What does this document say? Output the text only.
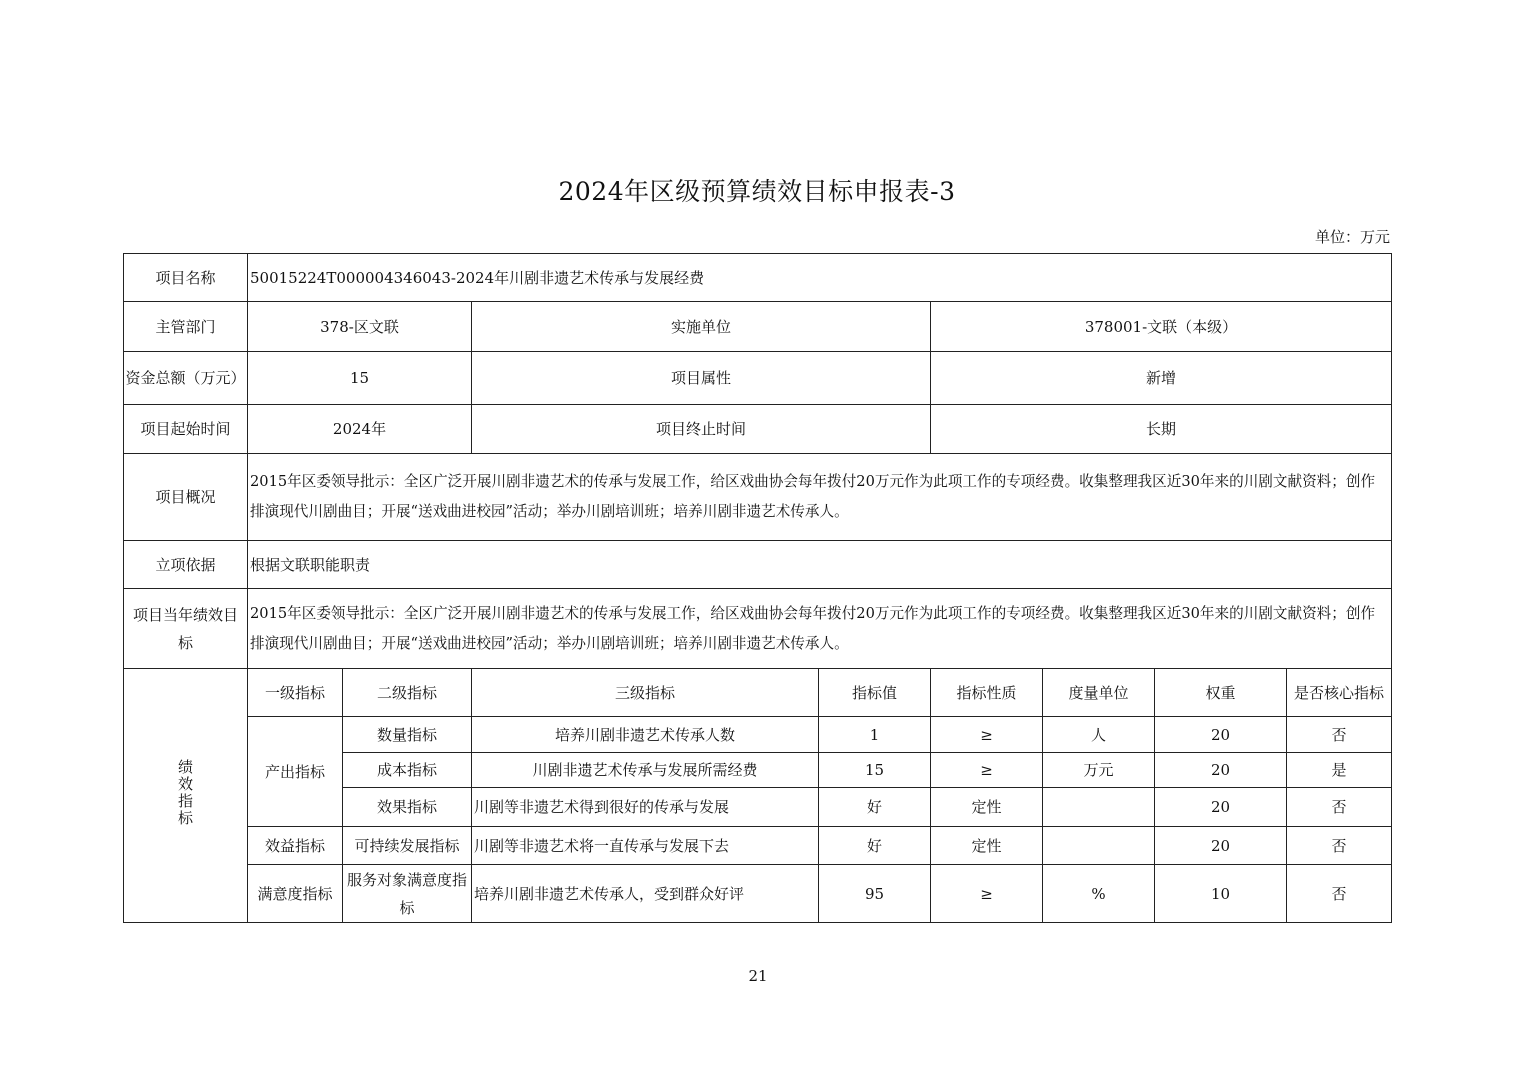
2024年区级预算绩效目标申报表-3
单位：万元
项目名称	50015224T000004346043-2024年川剧非遗艺术传承与发展经费							
主管部门	378-区文联		实施单位		378001-文联（本级）			
资金总额（万元）	15		项目属性		新增			
项目起始时间	2024年		项目终止时间		长期			
项目概况	2015年区委领导批示：全区广泛开展川剧非遗艺术的传承与发展工作，给区戏曲协会每年拨付20万元作为此项工作的专项经费。收集整理我区近30年来的川剧文献资料；创作排演现代川剧曲目；开展“送戏曲进校园”活动；举办川剧培训班；培养川剧非遗艺术传承人。							
立项依据	根据文联职能职责							
项目当年绩效目标	2015年区委领导批示：全区广泛开展川剧非遗艺术的传承与发展工作，给区戏曲协会每年拨付20万元作为此项工作的专项经费。收集整理我区近30年来的川剧文献资料；创作排演现代川剧曲目；开展“送戏曲进校园”活动；举办川剧培训班；培养川剧非遗艺术传承人。							
绩
效
指
标	一级指标	二级指标	三级指标	指标值	指标性质	度量单位	权重	是否核心指标
	产出指标	数量指标	培养川剧非遗艺术传承人数	1	≥	人	20	否
		成本指标	川剧非遗艺术传承与发展所需经费	15	≥	万元	20	是
		效果指标	川剧等非遗艺术得到很好的传承与发展	好	定性		20	否
	效益指标	可持续发展指标	川剧等非遗艺术将一直传承与发展下去	好	定性		20	否
	满意度指标	服务对象满意度指标	培养川剧非遗艺术传承人，受到群众好评	95	≥	%	10	否
21
